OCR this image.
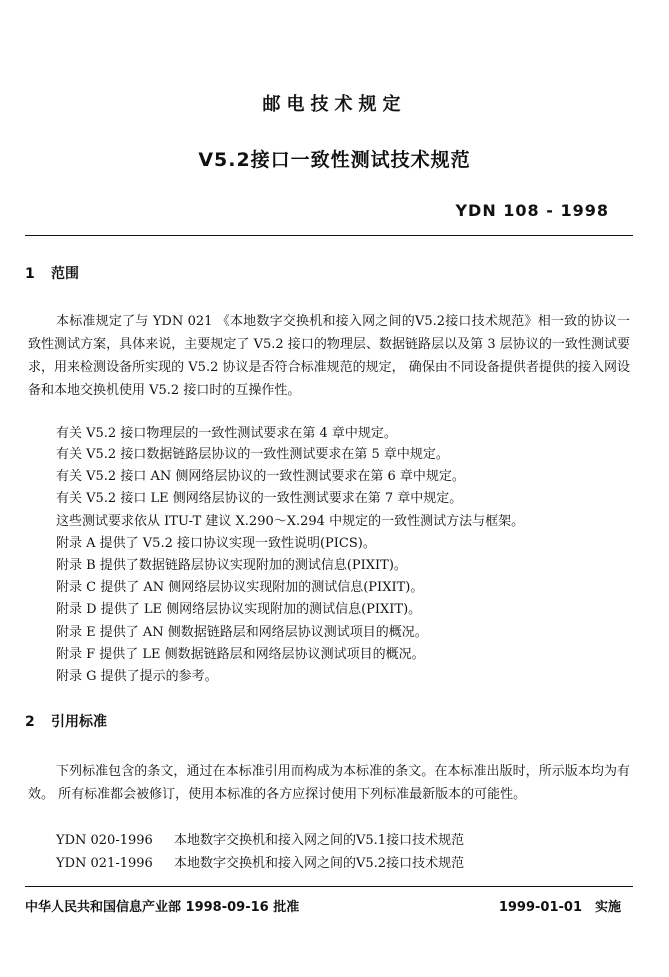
邮电技术规定
V5.2接口一致性测试技术规范
YDN 108 - 1998
1 范围

本标准规定了与 YDN 021 《本地数字交换机和接入网之间的V5.2接口技术规范》相一致的协议一致性测试方案，具体来说，主要规定了 V5.2 接口的物理层、数据链路层以及第 3 层协议的一致性测试要求，用来检测设备所实现的 V5.2 协议是否符合标准规范的规定， 确保由不同设备提供者提供的接入网设备和本地交换机使用 V5.2 接口时的互操作性。

有关 V5.2 接口物理层的一致性测试要求在第 4 章中规定。
有关 V5.2 接口数据链路层协议的一致性测试要求在第 5 章中规定。
有关 V5.2 接口 AN 侧网络层协议的一致性测试要求在第 6 章中规定。
有关 V5.2 接口 LE 侧网络层协议的一致性测试要求在第 7 章中规定。
这些测试要求依从 ITU-T 建议 X.290～X.294 中规定的一致性测试方法与框架。
附录 A 提供了 V5.2 接口协议实现一致性说明(PICS)。
附录 B 提供了数据链路层协议实现附加的测试信息(PIXIT)。
附录 C 提供了 AN 侧网络层协议实现附加的测试信息(PIXIT)。
附录 D 提供了 LE 侧网络层协议实现附加的测试信息(PIXIT)。
附录 E 提供了 AN 侧数据链路层和网络层协议测试项目的概况。
附录 F 提供了 LE 侧数据链路层和网络层协议测试项目的概况。
附录 G 提供了提示的参考。
2 引用标准

下列标准包含的条文，通过在本标准引用而构成为本标准的条文。在本标准出版时，所示版本均为有效。 所有标准都会被修订，使用本标准的各方应探讨使用下列标准最新版本的可能性。

YDN 020-1996 本地数字交换机和接入网之间的V5.1接口技术规范
YDN 021-1996 本地数字交换机和接入网之间的V5.2接口技术规范
中华人民共和国信息产业部 1998-09-16 批准	1999-01-01　实施
